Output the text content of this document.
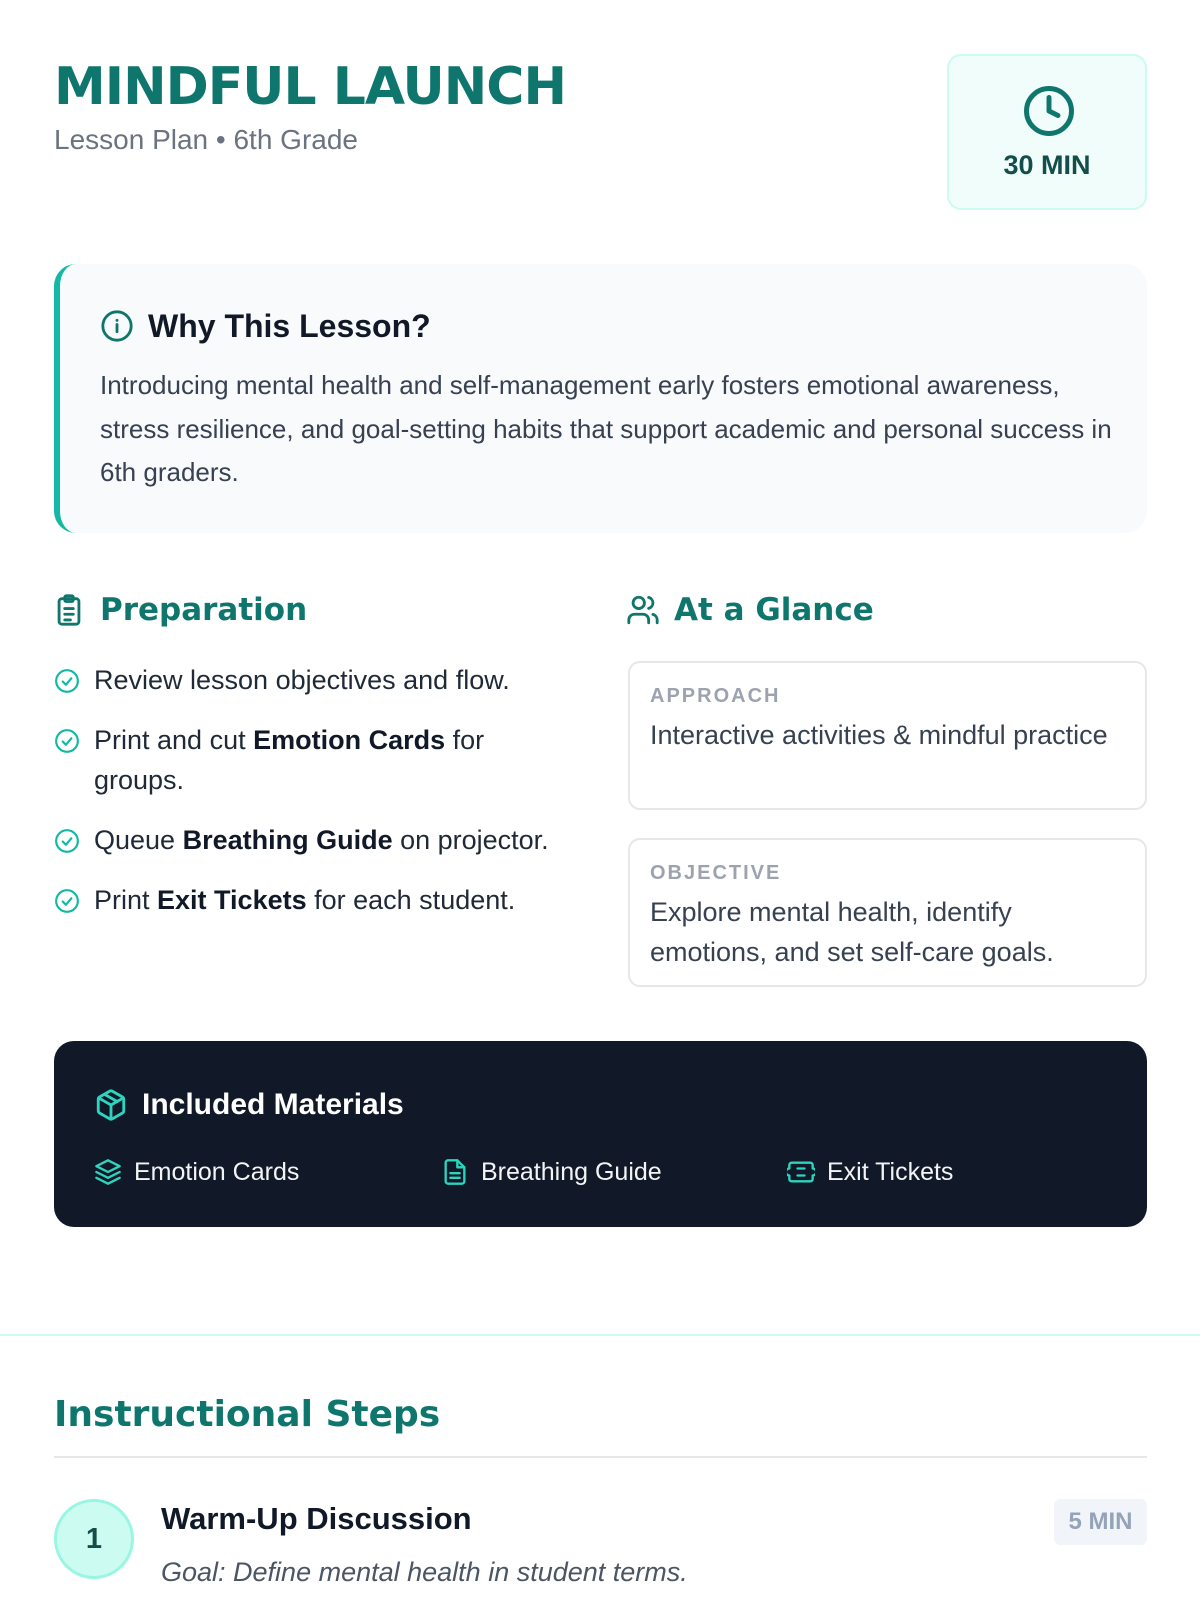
MINDFUL LAUNCH
Lesson Plan • 6th Grade
30 MIN
Why This Lesson?
Introducing mental health and self-management early fosters emotional awareness, stress resilience, and goal-setting habits that support academic and personal success in 6th graders.
Preparation
Review lesson objectives and flow.
Print and cut Emotion Cards for groups.
Queue Breathing Guide on projector.
Print Exit Tickets for each student.
At a Glance
APPROACH
Interactive activities & mindful practice
OBJECTIVE
Explore mental health, identify emotions, and set self-care goals.
Included Materials
Emotion Cards	Breathing Guide	Exit Tickets
Instructional Steps
1
Warm-Up Discussion
Goal: Define mental health in student terms.
5 MIN
